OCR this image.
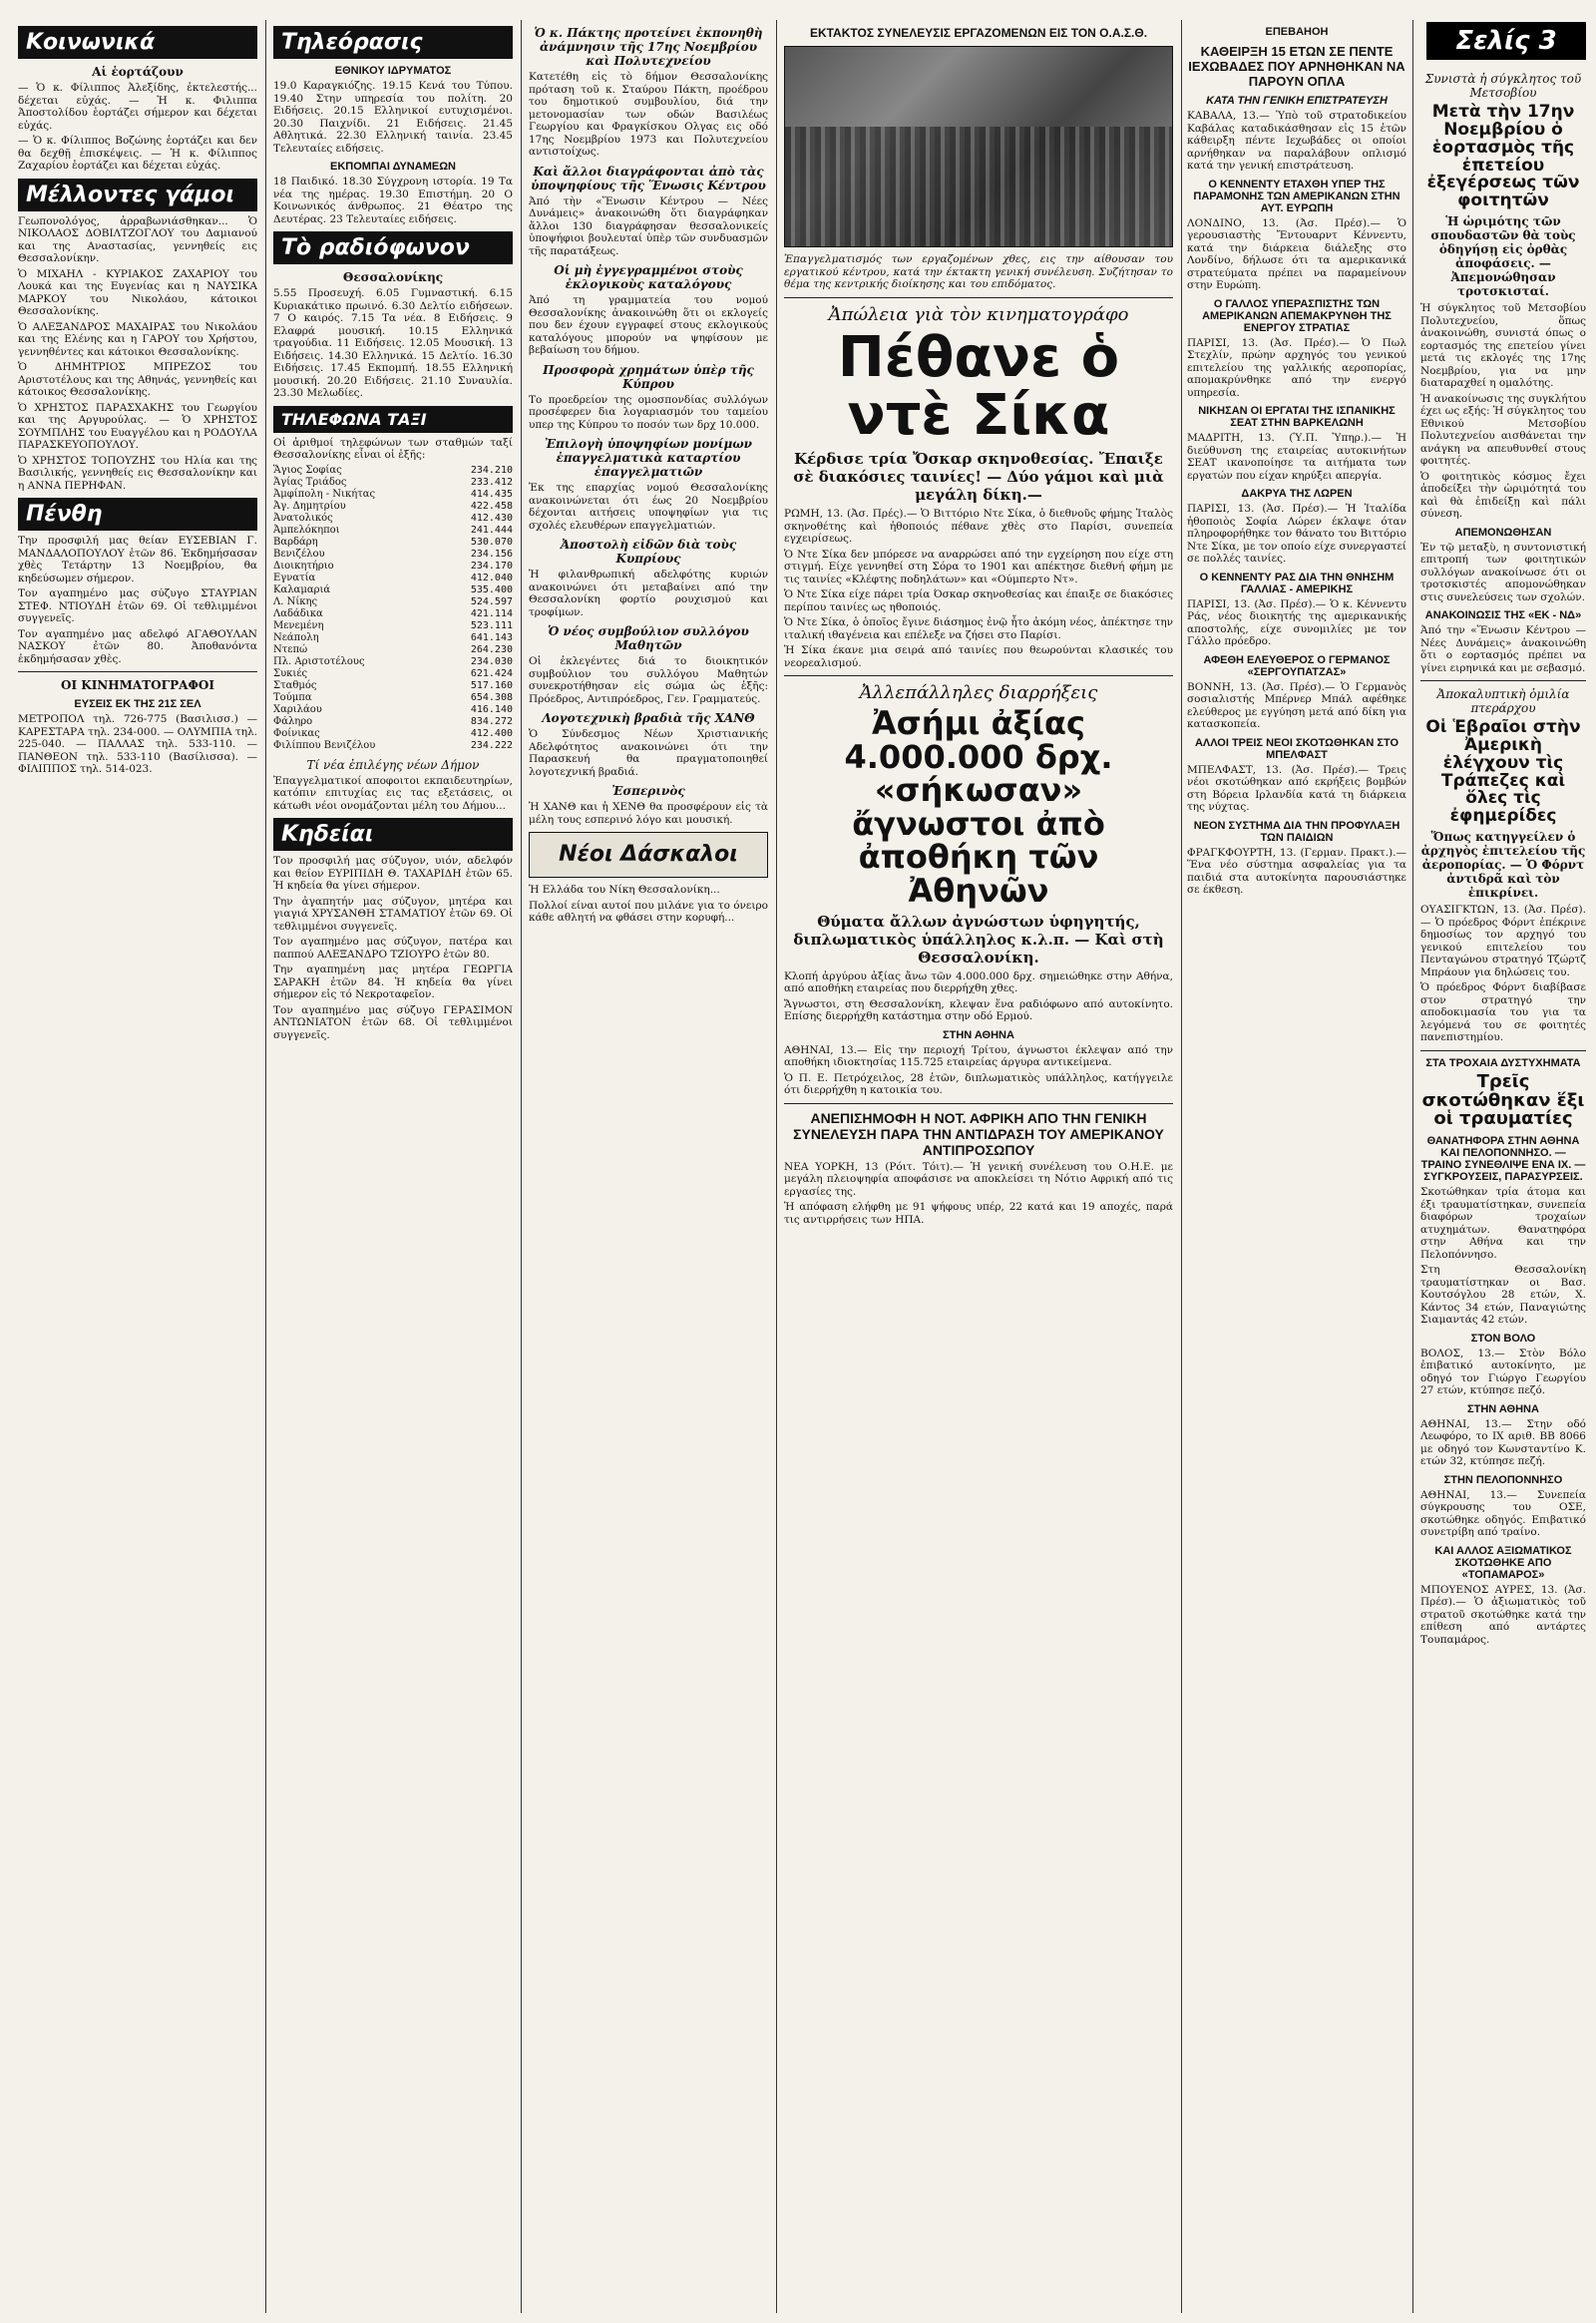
Σελίς 3
Κοινωνικά
Αἱ ἑορτάζουν

— Ὁ κ. Φίλιππος Ἀλεξίδης, ἐκτελεστής... δέχεται εὐχάς. — Ἡ κ. Φιλιππα Ἀποστολίδου ἑορτάζει σήμερον και δέχεται εὐχάς.

— Ὁ κ. Φίλιππος Βοζώνης ἑορτάζει και δεν θα δεχθῇ ἐπισκέψεις. — Ἡ κ. Φίλιππος Ζαχαρίου ἑορτάζει και δέχεται εὐχάς.

Μέλλοντες γάμοι

Γεωπονολόγος, ἀρραβωνιάσθηκαν... Ὁ ΝΙΚΟΛΑΟΣ ΔΟΒΙΛΤΖΟΓΛΟΥ του Δαμιανού και της Αναστασίας, γεννηθείς εις Θεσσαλονίκην.

Ὁ ΜΙΧΑΗΛ - ΚΥΡΙΑΚΟΣ ΖΑΧΑΡΙΟΥ του Λουκά και της Ευγενίας και η ΝΑΥΣΙΚΑ ΜΑΡΚΟΥ του Νικολάου, κάτοικοι Θεσσαλονίκης.

Ὁ ΑΛΕΞΑΝΔΡΟΣ ΜΑΧΑΙΡΑΣ του Νικολάου και της Ελένης και η ΓΑΡΟΥ του Χρήστου, γεννηθέντες και κάτοικοι Θεσσαλονίκης.

Ὁ ΔΗΜΗΤΡΙΟΣ ΜΠΡΕΖΟΣ του Αριστοτέλους και της Αθηνάς, γεννηθείς και κάτοικος Θεσσαλονίκης.

Ὁ ΧΡΗΣΤΟΣ ΠΑΡΑΣΧΑΚΗΣ του Γεωργίου και της Αργυρούλας. — Ὁ ΧΡΗΣΤΟΣ ΣΟΥΜΠΛΗΣ του Ευαγγέλου και η ΡΟΔΟΥΛΑ ΠΑΡΑΣΚΕΥΟΠΟΥΛΟΥ.

Ὁ ΧΡΗΣΤΟΣ ΤΟΠΟΥΖΗΣ του Ηλία και της Βασιλικής, γεννηθείς εις Θεσσαλονίκην και η ΑΝΝΑ ΠΕΡΗΦΑΝ.

Πένθη

Την προσφιλή μας θείαν ΕΥΣΕΒΙΑΝ Γ. ΜΑΝΔΑΛΟΠΟΥΛΟΥ ἐτῶν 86. Ἐκδημήσασαν χθὲς Τετάρτην 13 Νοεμβρίου, θα κηδεύσωμεν σήμερον.

Τον αγαπημένο μας σύζυγο ΣΤΑΥΡΙΑΝ ΣΤΕΦ. ΝΤΙΟΥΔΗ ἐτῶν 69. Οἱ τεθλιμμένοι συγγενεῖς.

Τον αγαπημένο μας αδελφό ΑΓΑΘΟΥΛΑΝ ΝΑΣΚΟΥ ἐτῶν 80. Ἀποθανόντα ἐκδημήσασαν χθὲς.

ΟΙ ΚΙΝΗΜΑΤΟΓΡΑΦΟΙ
ΕΥΣΕΙΣ ΕΚ ΤΗΣ 21Σ ΣΕΛ

ΜΕΤΡΟΠΟΛ τηλ. 726-775 (Βασιλισσ.) — ΚΑΡΕΣΤΑΡΑ τηλ. 234-000. — ΟΛΥΜΠΙΑ τηλ. 225-040. — ΠΑΛΛΑΣ τηλ. 533-110. — ΠΑΝΘΕΟΝ τηλ. 533-110 (Βασίλισσα). — ΦΙΛΙΠΠΟΣ τηλ. 514-023.

Τηλεόρασις
ΕΘΝΙΚΟΥ ΙΔΡΥΜΑΤΟΣ

19.0 Καραγκιόζης. 19.15 Κενά του Τύπου. 19.40 Στην υπηρεσία του πολίτη. 20 Ειδήσεις. 20.15 Ελληνικοί ευτυχισμένοι. 20.30 Παιχνίδι. 21 Ειδήσεις. 21.45 Αθλητικά. 22.30 Ελληνική ταινία. 23.45 Τελευταίες ειδήσεις.

ΕΚΠΟΜΠΑΙ ΔΥΝΑΜΕΩΝ

18 Παιδικό. 18.30 Σύγχρονη ιστορία. 19 Τα νέα της ημέρας. 19.30 Επιστήμη. 20 Ο Κοινωνικός άνθρωπος. 21 Θέατρο της Δευτέρας. 23 Τελευταίες ειδήσεις.

Τὸ ραδιόφωνον
Θεσσαλονίκης

5.55 Προσευχή. 6.05 Γυμναστική. 6.15 Κυριακάτικο πρωινό. 6.30 Δελτίο ειδήσεων. 7 Ο καιρός. 7.15 Τα νέα. 8 Ειδήσεις. 9 Ελαφρά μουσική. 10.15 Ελληνικά τραγούδια. 11 Ειδήσεις. 12.05 Μουσική. 13 Ειδήσεις. 14.30 Ελληνικά. 15 Δελτίο. 16.30 Ειδήσεις. 17.45 Εκπομπή. 18.55 Ελληνική μουσική. 20.20 Ειδήσεις. 21.10 Συναυλία. 23.30 Μελωδίες.

ΤΗΛΕΦΩΝΑ ΤΑΞΙ

Οἱ ἀριθμοί τηλεφώνων των σταθμών ταξί Θεσσαλονίκης εἶναι οἱ ἑξῆς:

Ἅγιος Σοφίας	234.210
Ἀγίας Τριάδος	233.412
Ἀμφίπολη - Νικήτας	414.435
Ἀγ. Δημητρίου	422.458
Ἀνατολικός	412.430
Ἀμπελόκηποι	241.444
Βαρδάρη	530.070
Βενιζέλου	234.156
Διοικητήριο	234.170
Εγνατία	412.040
Καλαμαριά	535.400
Λ. Νίκης	524.597
Λαδάδικα	421.114
Μενεμένη	523.111
Νεάπολη	641.143
Ντεπώ	264.230
Πλ. Αριστοτέλους	234.030
Συκιές	621.424
Σταθμός	517.160
Τούμπα	654.308
Χαριλάου	416.140
Φάληρο	834.272
Φοίνικας	412.400
Φιλίππου Βενιζέλου	234.222
Τί νέα ἐπιλέγης νέων Δήμον

Ἐπαγγελματικοί αποφοιτοι εκπαιδευτηρίων, κατόπιν επιτυχίας εις τας εξετάσεις, οι κάτωθι νέοι ονομάζονται μέλη του Δήμου...

Κηδείαι

Τον προσφιλή μας σύζυγον, υιόν, αδελφόν και θείον ΕΥΡΙΠΙΔΗ Θ. ΤΑΧΑΡΙΔΗ ἐτῶν 65. Ἡ κηδεία θα γίνει σήμερον.

Την ἀγαπητήν μας σύζυγον, μητέρα και γιαγιά ΧΡΥΣΑΝΘΗ ΣΤΑΜΑΤΙΟΥ ἐτῶν 69. Οἱ τεθλιμμένοι συγγενεῖς.

Τον αγαπημένο μας σύζυγον, πατέρα και παππού ΑΛΕΞΑΝΔΡΟ ΤΖΙΟΥΡΟ ἐτῶν 80.

Την αγαπημένη μας μητέρα ΓΕΩΡΓΙΑ ΣΑΡΑΚΗ ἐτῶν 84. Ἡ κηδεία θα γίνει σήμερον εἰς τό Νεκροταφεῖον.

Τον αγαπημένο μας σύζυγο ΓΕΡΑΣΙΜΟΝ ΑΝΤΩΝΙΑΤΟΝ ἐτῶν 68. Οἱ τεθλιμμένοι συγγενεῖς.

Ὁ κ. Πάκτης προτείνει ἐκπονηθὴ ἀνάμνησιν τῆς 17ης Νοεμβρίου καὶ Πολυτεχνείου

Κατετέθη εἰς τὸ δήμον Θεσσαλονίκης πρόταση τοῦ κ. Σταύρου Πάκτη, προέδρου του δημοτικού συμβουλίου, διά την μετονομασίαν των οδών Βασιλέως Γεωργίου και Φραγκίσκου Ολγας εις οδό 17ης Νοεμβρίου 1973 και Πολυτεχνείου αντιστοίχως.

Καὶ ἄλλοι διαγράφονται ἀπὸ τὰς ὑποψηφίους τῆς Ἕνωσις Κέντρου

Ἀπό τὴν «Ἕνωσιν Κέντρου — Νέες Δυνάμεις» ἀνακοινώθη ὅτι διαγράφηκαν ἄλλοι 130 διαγράφησαν θεσσαλονικείς ὑποψήφιοι βουλευταί ὑπὲρ τῶν συνδυασμῶν τῆς παρατάξεως.

Οἱ μὴ ἐγγεγραμμένοι στοὺς ἐκλογικοὺς καταλόγους

Ἀπό τη γραμματεία του νομού Θεσσαλονίκης ἀνακοινώθη ὅτι οι εκλογείς που δεν έχουν εγγραφεί στους εκλογικούς καταλόγους μπορούν να ψηφίσουν με βεβαίωση του δήμου.

Προσφορὰ χρημάτων ὑπὲρ τῆς Κύπρου

Το προεδρείον της ομοσπονδίας συλλόγων προσέφερεν δια λογαριασμόν του ταμείου υπερ της Κύπρου το ποσόν των δρχ 10.000.

Ἐπιλογὴ ὑποψηφίων μονίμων ἐπαγγελματικὰ καταρτίου ἐπαγγελματιῶν

Ἐκ της επαρχίας νομού Θεσσαλονίκης ανακοινώνεται ότι έως 20 Νοεμβρίου δέχονται αιτήσεις υποψηφίων για τις σχολές ελευθέρων επαγγελματιών.

Ἀποστολὴ εἰδῶν διὰ τοὺς Κυπρίους

Ἡ φιλανθρωπική αδελφότης κυριών ανακοινώνει ότι μεταβαίνει από την Θεσσαλονίκη φορτίο ρουχισμού και τροφίμων.

Ὁ νέος συμβούλιον συλλόγου Μαθητῶν

Οἱ ἐκλεγέντες διά το διοικητικόν συμβούλιον του συλλόγου Μαθητών συνεκροτήθησαν εἰς σώμα ὡς ἑξῆς: Πρόεδρος, Αντιπρόεδρος, Γεν. Γραμματεύς.

Λογοτεχνικὴ βραδιὰ τῆς ΧΑΝΘ

Ὁ Σύνδεσμος Νέων Χριστιανικής Αδελφότητος ανακοινώνει ότι την Παρασκευή θα πραγματοποιηθεί λογοτεχνική βραδιά.

Ἐσπερινὸς

Ἡ ΧΑΝΘ και ἡ ΧΕΝΘ θα προσφέρουν εἰς τὰ μέλη τους εσπερινό λόγο και μουσική.

Νέοι Δάσκαλοι

Ἡ Ελλάδα του Νίκη Θεσσαλονίκη...

Πολλοί είναι αυτοί που μιλάνε για το όνειρο κάθε αθλητή να φθάσει στην κορυφή...

ΕΚΤΑΚΤΟΣ ΣΥΝΕΛΕΥΣΙΣ ΕΡΓΑΖΟΜΕΝΩΝ ΕΙΣ ΤΟΝ Ο.Α.Σ.Θ.

Ἐπαγγελματισμός των εργαζομένων χθες, εις την αίθουσαν του εργατικού κέντρου, κατά την έκτακτη γενική συνέλευση. Συζήτησαν το θέμα της κεντρικής διοίκησης και του επιδόματος.

Ἀπώλεια γιὰ τὸν κινηματογράφο
Πέθανε ὁ ντὲ Σίκα
Κέρδισε τρία Ὄσκαρ σκηνοθεσίας. Ἔπαιξε σὲ διακόσιες ταινίες! — Δύο γάμοι καὶ μιὰ μεγάλη δίκη.—

ΡΩΜΗ, 13. (Ἀσ. Πρές).— Ὁ Βιττόριο Ντε Σίκα, ὁ διεθνοῦς φήμης Ἰταλὸς σκηνοθέτης καὶ ἠθοποιός πέθανε χθὲς στο Παρίσι, συνεπεία εγχειρίσεως.

Ὁ Ντε Σίκα δεν μπόρεσε να αναρρώσει από την εγχείρηση που είχε στη στιγμή. Είχε γεννηθεί στη Σόρα το 1901 και απέκτησε διεθνή φήμη με τις ταινίες «Κλέφτης ποδηλάτων» και «Ούμπερτο Ντ».

Ὁ Ντε Σίκα είχε πάρει τρία Όσκαρ σκηνοθεσίας και έπαιξε σε διακόσιες περίπου ταινίες ως ηθοποιός.

Ὁ Ντε Σίκα, ὁ ὁποῖος ἔγινε διάσημος ἐνῷ ἦτο ἀκόμη νέος, ἀπέκτησε την ιταλική ιθαγένεια και επέλεξε να ζήσει στο Παρίσι.

Ἡ Σίκα έκανε μια σειρά από ταινίες που θεωρούνται κλασικές του νεορεαλισμού.

Ἀλλεπάλληλες διαρρήξεις
Ἀσήμι ἀξίας 4.000.000 δρχ. «σήκωσαν» ἄγνωστοι ἀπὸ ἀποθήκη τῶν Ἀθηνῶν
Θύματα ἄλλων ἀγνώστων ὑφηγητής, διπλωματικὸς ὑπάλληλος κ.λ.π. — Καὶ στὴ Θεσσαλονίκη.

Κλοπή ἀργύρου ἀξίας ἄνω τῶν 4.000.000 δρχ. σημειώθηκε στην Αθήνα, από αποθήκη εταιρείας που διερρήχθη χθες.

Ἄγνωστοι, στη Θεσσαλονίκη, κλεψαν ἕνα ραδιόφωνο από αυτοκίνητο. Επίσης διερρήχθη κατάστημα στην οδό Ερμού.

ΣΤΗΝ ΑΘΗΝΑ

ΑΘΗΝΑΙ, 13.— Εἰς την περιοχή Τρίτου, άγνωστοι έκλεψαν από την αποθήκη ιδιοκτησίας 115.725 εταιρείας άργυρα αντικείμενα.

Ὁ Π. Ε. Πετρόχειλος, 28 ἐτῶν, διπλωματικὸς υπάλληλος, κατήγγειλε ότι διερρήχθη η κατοικία του.

ΑΝΕΠΙΣΗΜΟΦΗ Η ΝΟΤ. ΑΦΡΙΚΗ ΑΠΟ ΤΗΝ ΓΕΝΙΚΗ ΣΥΝΕΛΕΥΣΗ ΠΑΡΑ ΤΗΝ ΑΝΤΙΔΡΑΣΗ ΤΟΥ ΑΜΕΡΙΚΑΝΟΥ ΑΝΤΙΠΡΟΣΩΠΟΥ

ΝΕΑ ΥΟΡΚΗ, 13 (Ρόιτ. Τόιτ).— Ἡ γενική συνέλευση του Ο.Η.Ε. με μεγάλη πλειοψηφία αποφάσισε να αποκλείσει τη Νότιο Αφρική από τις εργασίες της.

Ἡ απόφαση ελήφθη με 91 ψήφους υπέρ, 22 κατά και 19 αποχές, παρά τις αντιρρήσεις των ΗΠΑ.

ΕΠΕΒΑΗΟΗ
ΚΑΘΕΙΡΞΗ 15 ΕΤΩΝ ΣΕ ΠΕΝΤΕ ΙΕΧΩΒΑΔΕΣ ΠΟΥ ΑΡΝΗΘΗΚΑΝ ΝΑ ΠΑΡΟΥΝ ΟΠΛΑ
ΚΑΤΑ ΤΗΝ ΓΕΝΙΚΗ ΕΠΙΣΤΡΑΤΕΥΣΗ

ΚΑΒΑΛΑ, 13.— Ὑπὸ τοῦ στρατοδικείου Καβάλας καταδικάσθησαν εἰς 15 ἐτῶν κάθειρξη πέντε Ιεχωβάδες οι οποίοι αρνήθηκαν να παραλάβουν οπλισμό κατά την γενική επιστράτευση.

Ο ΚΕΝΝΕΝΤΥ ΕΤΑΧΘΗ ΥΠΕΡ ΤΗΣ ΠΑΡΑΜΟΝΗΣ ΤΩΝ ΑΜΕΡΙΚΑΝΩΝ ΣΤΗΝ ΑΥΤ. ΕΥΡΩΠΗ

ΛΟΝΔΙΝΟ, 13. (Ἀσ. Πρέσ).— Ὁ γερουσιαστὴς Ἔντουαρντ Κέννεντυ, κατά την διάρκεια διάλεξης στο Λονδίνο, δήλωσε ότι τα αμερικανικά στρατεύματα πρέπει να παραμείνουν στην Ευρώπη.

Ο ΓΑΛΛΟΣ ΥΠΕΡΑΣΠΙΣΤΗΣ ΤΩΝ ΑΜΕΡΙΚΑΝΩΝ ΑΠΕΜΑΚΡΥΝΘΗ ΤΗΣ ΕΝΕΡΓΟΥ ΣΤΡΑΤΙΑΣ

ΠΑΡΙΣΙ, 13. (Ἀσ. Πρέσ).— Ὁ Πωλ Στεχλίν, πρώην αρχηγός του γενικού επιτελείου της γαλλικής αεροπορίας, απομακρύνθηκε από την ενεργό υπηρεσία.

ΝΙΚΗΣΑΝ ΟΙ ΕΡΓΑΤΑΙ ΤΗΣ ΙΣΠΑΝΙΚΗΣ ΣΕΑΤ ΣΤΗΝ ΒΑΡΚΕΛΩΝΗ

ΜΑΔΡΙΤΗ, 13. (Ὑ.Π. Ὑπηρ.).— Ἡ διεύθυνση της εταιρείας αυτοκινήτων ΣΕΑΤ ικανοποίησε τα αιτήματα των εργατών που είχαν κηρύξει απεργία.

ΔΑΚΡΥΑ ΤΗΣ ΛΩΡΕΝ

ΠΑΡΙΣΙ, 13. (Ἀσ. Πρέσ).— Ἡ Ἰταλίδα ἠθοποιὸς Σοφία Λώρεν έκλαψε όταν πληροφορήθηκε τον θάνατο του Βιττόριο Ντε Σίκα, με τον οποίο είχε συνεργαστεί σε πολλές ταινίες.

Ο ΚΕΝΝΕΝΤΥ ΡΑΣ ΔΙΑ ΤΗΝ ΘΝΗΣΗΜ ΓΑΛΛΙΑΣ - ΑΜΕΡΙΚΗΣ

ΠΑΡΙΣΙ, 13. (Ἀσ. Πρέσ).— Ὁ κ. Κέννεντυ Ράς, νέος διοικητής της αμερικανικής αποστολής, είχε συνομιλίες με τον Γάλλο πρόεδρο.

ΑΦΕΘΗ ΕΛΕΥΘΕΡΟΣ Ο ΓΕΡΜΑΝΟΣ «ΣΕΡΓΟΥΠΑΤΖΑΣ»

ΒΟΝΝΗ, 13. (Ἀσ. Πρέσ).— Ὁ Γερμανὸς σοσιαλιστής Μπέρνερ Μπάλ αφέθηκε ελεύθερος με εγγύηση μετά από δίκη για κατασκοπεία.

ΑΛΛΟΙ ΤΡΕΙΣ ΝΕΟΙ ΣΚΟΤΩΘΗΚΑΝ ΣΤΟ ΜΠΕΛΦΑΣΤ

ΜΠΕΛΦΑΣΤ, 13. (Ἀσ. Πρέσ).— Τρεις νέοι σκοτώθηκαν από εκρήξεις βομβών στη Βόρεια Ιρλανδία κατά τη διάρκεια της νύχτας.

ΝΕΟΝ ΣΥΣΤΗΜΑ ΔΙΑ ΤΗΝ ΠΡΟΦΥΛΑΞΗ ΤΩΝ ΠΑΙΔΙΩΝ

ΦΡΑΓΚΦΟΥΡΤΗ, 13. (Γερμαν. Πρακτ.).— Ἕνα νέο σύστημα ασφαλείας για τα παιδιά στα αυτοκίνητα παρουσιάστηκε σε έκθεση.

Συνιστὰ ἡ σύγκλητος τοῦ Μετσοβίου
Μετὰ τὴν 17ην Νοεμβρίου ὁ ἑορτασμὸς τῆς ἐπετείου ἐξεγέρσεως τῶν φοιτητῶν
Ἡ ὡριμότης τῶν σπουδαστῶν θὰ τοὺς ὁδηγήσῃ εἰς ὀρθὰς ἀποφάσεις. — Ἀπεμονώθησαν τροτσκισταί.

Ἡ σύγκλητος τοῦ Μετσοβίου Πολυτεχνείου, ὅπως ἀνακοινώθη, συνιστά όπως ο εορτασμός της επετείου γίνει μετά τις εκλογές της 17ης Νοεμβρίου, για να μην διαταραχθεί η ομαλότης.

Ἡ ανακοίνωσις της συγκλήτου έχει ως εξής: Ἡ σύγκλητος του Εθνικού Μετσοβίου Πολυτεχνείου αισθάνεται την ανάγκη να απευθυνθεί στους φοιτητές.

Ὁ φοιτητικὸς κόσμος ἔχει ἀποδείξει τὴν ὡριμότητά του καὶ θὰ ἐπιδείξῃ καὶ πάλι σύνεση.

ΑΠΕΜΟΝΩΘΗΣΑΝ

Ἐν τῷ μεταξὺ, η συντονιστική επιτροπή των φοιτητικών συλλόγων ανακοίνωσε ότι οι τροτσκιστές απομονώθηκαν στις συνελεύσεις των σχολών.

ΑΝΑΚΟΙΝΩΣΙΣ ΤΗΣ «ΕΚ - ΝΔ»

Ἀπό την «Ἕνωσιν Κέντρου — Νέες Δυνάμεις» ἀνακοινώθη ὅτι ο εορτασμός πρέπει να γίνει ειρηνικά και με σεβασμό.

Ἀποκαλυπτικὴ ὁμιλία πτεράρχου
Οἱ Ἑβραῖοι στὴν Ἀμερικὴ ἐλέγχουν τὶς Τράπεζες καὶ ὅλες τὶς ἐφημερίδες
Ὅπως κατηγγείλεν ὁ ἀρχηγὸς ἐπιτελείου τῆς ἀεροπορίας. — Ὁ Φόρντ ἀντιδρᾶ καὶ τὸν ἐπικρίνει.

ΟΥΑΣΙΓΚΤΩΝ, 13. (Ἀσ. Πρέσ).— Ὁ πρόεδρος Φόρντ ἐπέκρινε δημοσίως τον αρχηγό του γενικού επιτελείου του Πενταγώνου στρατηγό Τζώρτζ Μπράουν για δηλώσεις του.

Ὁ πρόεδρος Φόρντ διαβίβασε στον στρατηγό την αποδοκιμασία του για τα λεγόμενά του σε φοιτητές πανεπιστημίου.

ΣΤΑ ΤΡΟΧΑΙΑ ΔΥΣΤΥΧΗΜΑΤΑ
Τρεῖς σκοτώθηκαν ἕξι οἱ τραυματίες
ΘΑΝΑΤΗΦΟΡΑ ΣΤΗΝ ΑΘΗΝΑ ΚΑΙ ΠΕΛΟΠΟΝΝΗΣΟ. — ΤΡΑΙΝΟ ΣΥΝΕΘΛΙΨΕ ΕΝΑ ΙΧ. — ΣΥΓΚΡΟΥΣΕΙΣ, ΠΑΡΑΣΥΡΣΕΙΣ.

Σκοτώθηκαν τρία άτομα και έξι τραυματίστηκαν, συνεπεία διαφόρων τροχαίων ατυχημάτων. Θανατηφόρα στην Αθήνα και την Πελοπόννησο.

Στη Θεσσαλονίκη τραυματίστηκαν οι Βασ. Κουτσόγλου 28 ετών, Χ. Κάντος 34 ετών, Παναγιώτης Σιαμαντάς 42 ετών.

ΣΤΟΝ ΒΟΛΟ

ΒΟΛΟΣ, 13.— Στὸν Βόλο ἐπιβατικό αυτοκίνητο, με οδηγό τον Γιώργο Γεωργίου 27 ετών, κτύπησε πεζό.

ΣΤΗΝ ΑΘΗΝΑ

ΑΘΗΝΑΙ, 13.— Στην οδό Λεωφόρο, το ΙΧ αριθ. ΒΒ 8066 με οδηγό τον Κωνσταντίνο Κ. ετών 32, κτύπησε πεζή.

ΣΤΗΝ ΠΕΛΟΠΟΝΝΗΣΟ

ΑΘΗΝΑΙ, 13.— Συνεπεία σύγκρουσης του ΟΣΕ, σκοτώθηκε οδηγός. Επιβατικό συνετρίβη από τραίνο.

ΚΑΙ ΑΛΛΟΣ ΑΞΙΩΜΑΤΙΚΟΣ ΣΚΟΤΩΘΗΚΕ ΑΠΟ «ΤΟΠΑΜΑΡΟΣ»

ΜΠΟΥΕΝΟΣ ΑΥΡΕΣ, 13. (Ἀσ. Πρέσ).— Ὁ ἀξιωματικὸς τοῦ στρατοῦ σκοτώθηκε κατά την επίθεση από αντάρτες Τουπαμάρος.
